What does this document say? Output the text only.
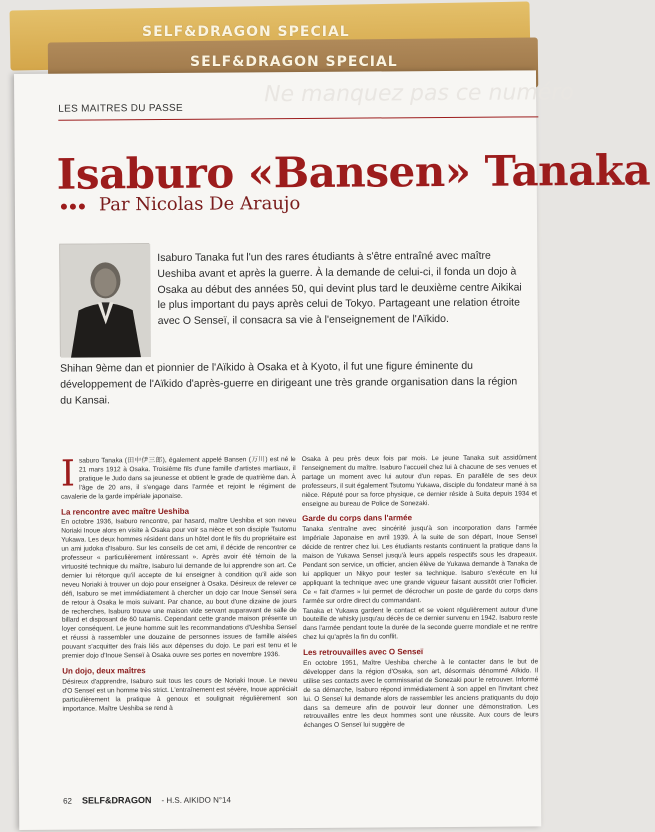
SELF&DRAGON SPECIAL
SELF&DRAGON SPECIAL
Ne manquez pas ce numéro
LES MAITRES DU PASSE
Isaburo «Bansen» Tanaka
Par Nicolas De Araujo

Isaburo Tanaka fut l'un des rares étudiants à s'être entraîné avec maître Ueshiba avant et après la guerre. À la demande de celui-ci, il fonda un dojo à Osaka au début des années 50, qui devint plus tard le deuxième centre Aikikai le plus important du pays après celui de Tokyo. Partageant une relation étroite avec O Senseï, il consacra sa vie à l'enseignement de l'Aïkido.

Shihan 9ème dan et pionnier de l'Aïkido à Osaka et à Kyoto, il fut une figure éminente du développement de l'Aïkido d'après-guerre en dirigeant une très grande organisation dans la région du Kansai.

Isaburo Tanaka (田中伊三郎), également appelé Bansen (万川) est né le 21 mars 1912 à Osaka. Troisième fils d'une famille d'artistes martiaux, il pratique le Judo dans sa jeunesse et obtient le grade de quatrième dan. À l'âge de 20 ans, il s'engage dans l'armée et rejoint le régiment de cavalerie de la garde impériale japonaise.

La rencontre avec maître Ueshiba

En octobre 1936, Isaburo rencontre, par hasard, maître Ueshiba et son neveu Noriaki Inoue alors en visite à Osaka pour voir sa nièce et son disciple Tsutomu Yukawa. Les deux hommes résident dans un hôtel dont le fils du propriétaire est un ami judoka d'Isaburo. Sur les conseils de cet ami, il décide de rencontrer ce professeur « particulièrement intéressant ». Après avoir été témoin de la virtuosité technique du maître, Isaburo lui demande de lui apprendre son art. Ce dernier lui rétorque qu'il accepte de lui enseigner à condition qu'il aide son neveu Noriaki à trouver un dojo pour enseigner à Osaka. Désireux de relever ce défi, Isaburo se met immédiatement à chercher un dojo car Inoue Senseï sera de retour à Osaka le mois suivant. Par chance, au bout d'une dizaine de jours de recherches, Isaburo trouve une maison vide servant auparavant de salle de billard et disposant de 60 tatamis. Cependant cette grande maison présente un loyer conséquent. Le jeune homme suit les recommandations d'Ueshiba Senseï et réussi à rassembler une douzaine de personnes issues de famille aisées pouvant s'acquitter des frais liés aux dépenses du dojo. Le pari est tenu et le premier dojo d'Inoue Senseï à Osaka ouvre ses portes en novembre 1936.

Un dojo, deux maîtres

Désireux d'apprendre, Isaburo suit tous les cours de Noriaki Inoue. Le neveu d'O Senseï est un homme très strict. L'entraînement est sévère, Inoue appréciait particulièrement la pratique à genoux et soulignait régulièrement son importance. Maître Ueshiba se rend à

Osaka à peu près deux fois par mois. Le jeune Tanaka suit assidûment l'enseignement du maître. Isaburo l'accueil chez lui à chacune de ses venues et partage un moment avec lui autour d'un repas. En parallèle de ses deux professeurs, il suit également Tsutomu Yukawa, disciple du fondateur mané à sa nièce. Réputé pour sa force physique, ce dernier réside à Suita depuis 1934 et enseigne au bureau de Police de Sonezaki.

Garde du corps dans l'armée

Tanaka s'entraîne avec sincérité jusqu'à son incorporation dans l'armée Impériale Japonaise en avril 1939. À la suite de son départ, Inoue Senseï décide de rentrer chez lui. Les étudiants restants continuent la pratique dans la maison de Yukawa Senseï jusqu'à leurs appels respectifs sous les drapeaux. Pendant son service, un officier, ancien élève de Yukawa demande à Tanaka de lui appliquer un Nikyo pour tester sa technique. Isaburo s'exécute en lui appliquant la technique avec une grande vigueur faisant aussitôt crier l'officier. Ce « fait d'armes » lui permet de décrocher un poste de garde du corps dans l'armée sur ordre direct du commandant.

Tanaka et Yukawa gardent le contact et se voient régulièrement autour d'une bouteille de whisky jusqu'au décès de ce dernier survenu en 1942. Isaburo reste dans l'armée pendant toute la durée de la seconde guerre mondiale et ne rentre chez lui qu'après la fin du conflit.

Les retrouvailles avec O Senseï

En octobre 1951, Maître Ueshiba cherche à le contacter dans le but de développer dans la région d'Osaka, son art, désormais dénommé Aïkido. Il utilise ses contacts avec le commissariat de Sonezaki pour le retrouver. Informé de sa démarche, Isaburo répond immédiatement à son appel en l'invitant chez lui. O Senseï lui demande alors de rassembler les anciens pratiquants du dojo dans sa demeure afin de pouvoir leur donner une démonstration. Les retrouvailles entre les deux hommes sont une réussite. Aux cours de leurs échanges O Senseï lui suggère de

62 SELF&DRAGON - H.S. AIKIDO N°14
